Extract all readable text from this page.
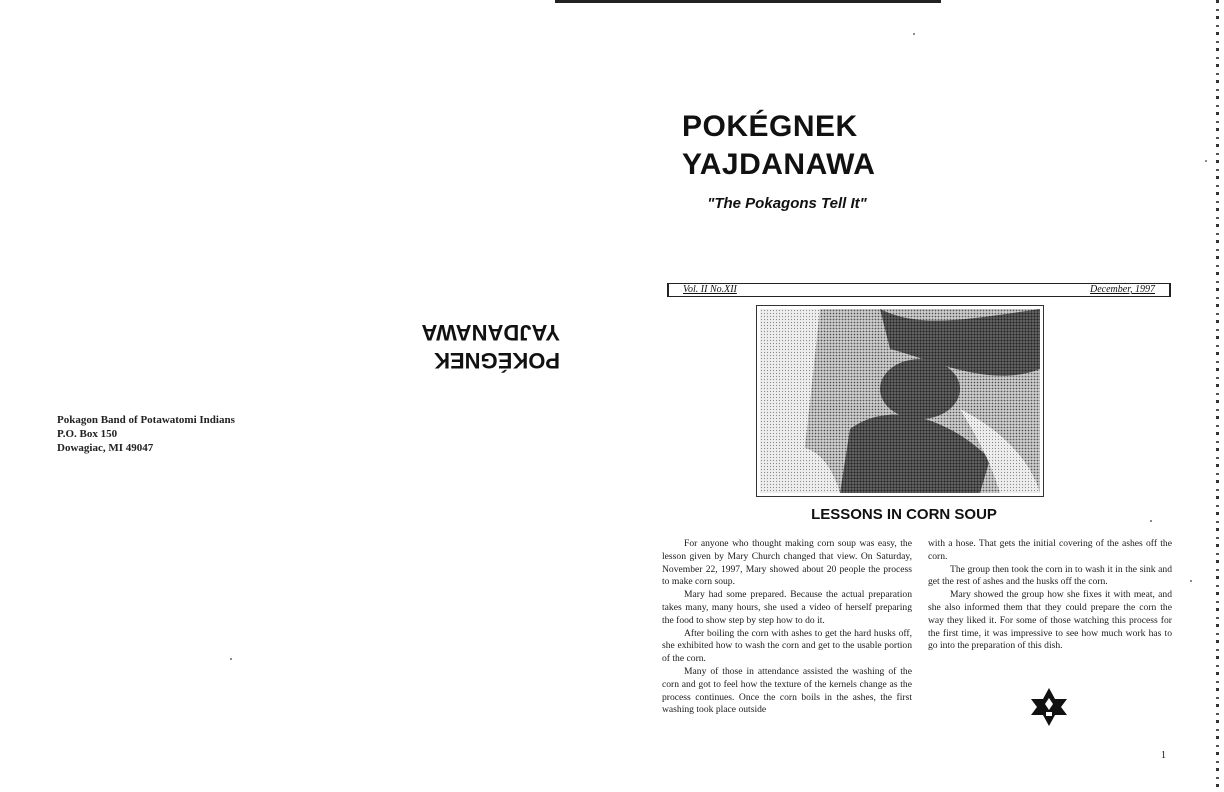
POKÉGNEK
YAJDANAWA
Pokagon Band of Potawatomi Indians
P.O. Box 150
Dowagiac, MI 49047
POKÉGNEK
YAJDANAWA
"The Pokagons Tell It"
Vol. II No.XII	December, 1997
LESSONS IN CORN SOUP

For anyone who thought making corn soup was easy, the lesson given by Mary Church changed that view. On Saturday, November 22, 1997, Mary showed about 20 people the process to make corn soup.

Mary had some prepared. Because the actual preparation takes many, many hours, she used a video of herself preparing the food to show step by step how to do it.

After boiling the corn with ashes to get the hard husks off, she exhibited how to wash the corn and get to the usable portion of the corn.

Many of those in attendance assisted the washing of the corn and got to feel how the texture of the kernels change as the process continues. Once the corn boils in the ashes, the first washing took place outside

with a hose. That gets the initial covering of the ashes off the corn.

The group then took the corn in to wash it in the sink and get the rest of ashes and the husks off the corn.

Mary showed the group how she fixes it with meat, and she also informed them that they could prepare the corn the way they liked it. For some of those watching this process for the first time, it was impressive to see how much work has to go into the preparation of this dish.

1
